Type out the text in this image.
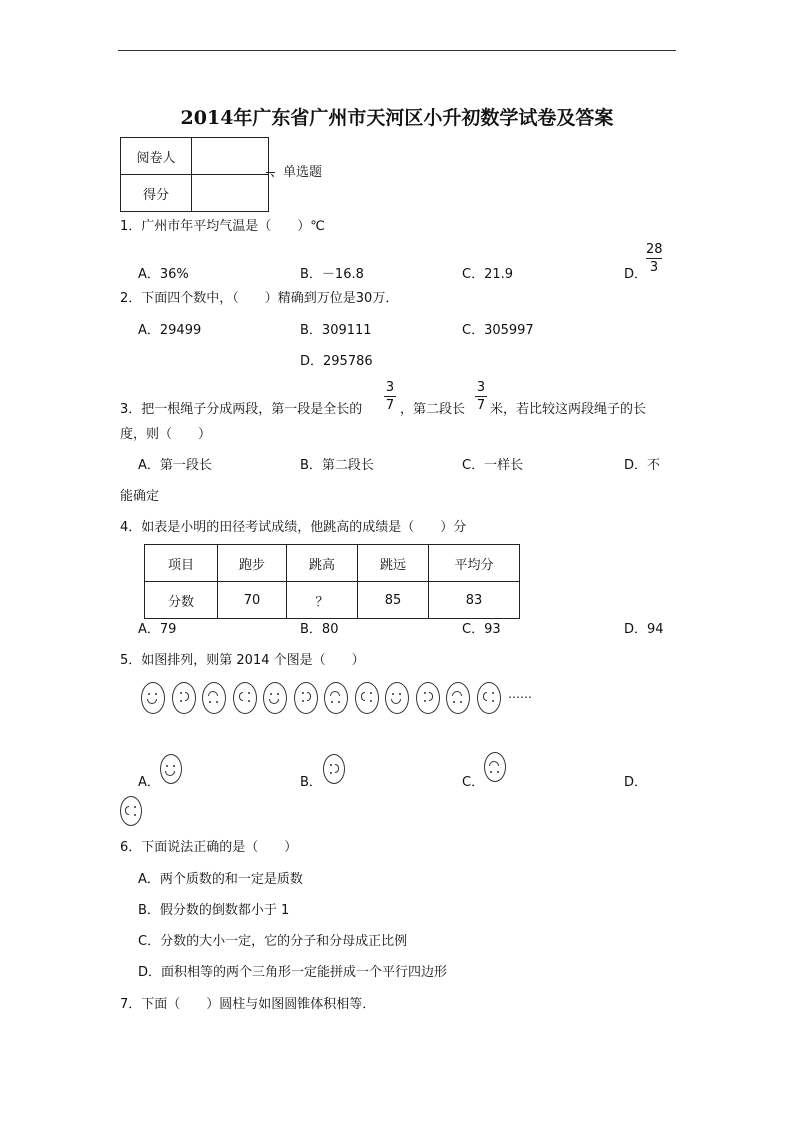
2014年广东省广州市天河区小升初数学试卷及答案
阅卷人	
得分	
、单选题
1．广州市年平均气温是（　　）℃
A．36%	B．－16.8	C．21.9	D．
28
3
2．下面四个数中，（　　）精确到万位是30万．
A．29499	B．309111	C．305997
D．295786
3．把一根绳子分成两段，第一段是全长的
3
7 ，第二段长
3
7 米，若比较这两段绳子的长
度，则（　　）
A．第一段长	B．第二段长	C．一样长	D．不
能确定
4．如表是小明的田径考试成绩，他跳高的成绩是（　　）分
项目	跑步	跳高	跳远	平均分
分数	70	？	85	83
A．79	B．80	C．93	D．94
5．如图排列，则第 2014 个图是（　　）
……
A．	B．	C．	D．
6．下面说法正确的是（　　）
A．两个质数的和一定是质数
B．假分数的倒数都小于 1
C．分数的大小一定，它的分子和分母成正比例
D．面积相等的两个三角形一定能拼成一个平行四边形
7．下面（　　）圆柱与如图圆锥体积相等．
